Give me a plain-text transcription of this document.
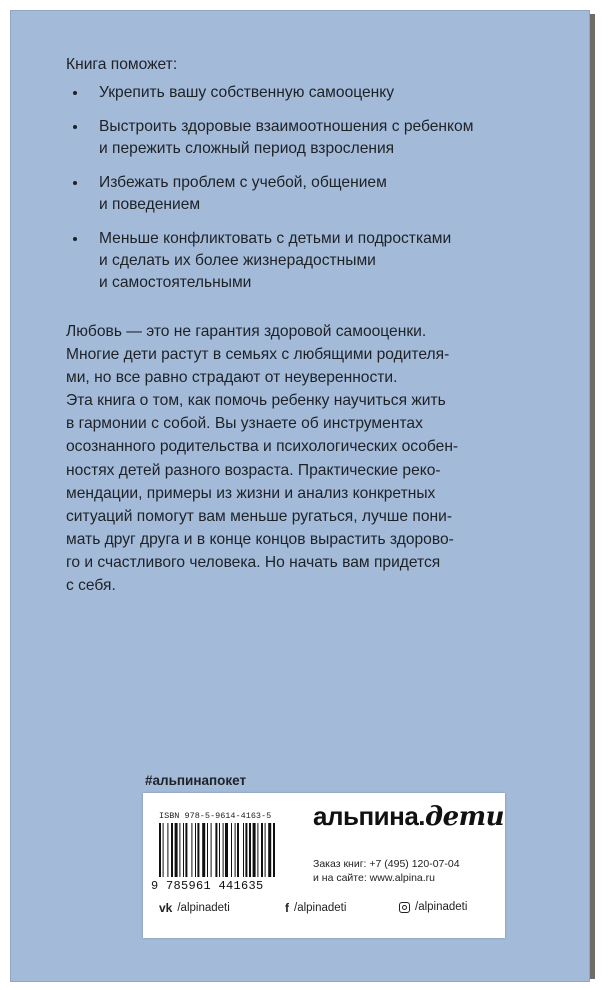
Книга поможет:
Укрепить вашу собственную самооценку
Выстроить здоровые взаимоотношения с ребенком
и пережить сложный период взросления
Избежать проблем с учебой, общением
и поведением
Меньше конфликтовать с детьми и подростками
и сделать их более жизнерадостными
и самостоятельными
Любовь — это не гарантия здоровой самооценки.
Многие дети растут в семьях с любящими родителя-
ми, но все равно страдают от неуверенности.
Эта книга о том, как помочь ребенку научиться жить
в гармонии с собой. Вы узнаете об инструментах
осознанного родительства и психологических особен-
ностях детей разного возраста. Практические реко-
мендации, примеры из жизни и анализ конкретных
ситуаций помогут вам меньше ругаться, лучше пони-
мать друг друга и в конце концов вырастить здорово-
го и счастливого человека. Но начать вам придется
с себя.
#альпинапокет
ISBN 978-5-9614-4163-5
9 785961 441635
альпина.дети
Заказ книг: +7 (495) 120-07-04
и на сайте: www.alpina.ru
vk /alpinadeti	f /alpinadeti	/alpinadeti
